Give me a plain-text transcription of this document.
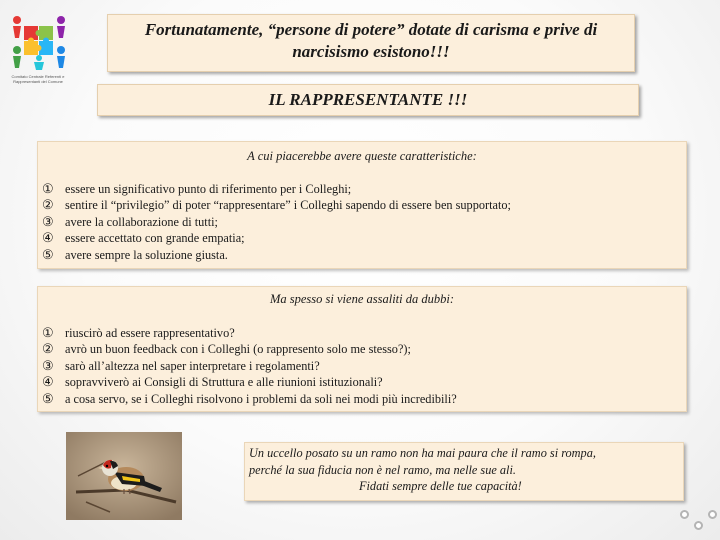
Comitato Centrale Referenti e Rappresentanti del Comune
Fortunatamente, “persone di potere” dotate di carisma e prive di
narcisismo esistono!!!
IL RAPPRESENTANTE !!!

A cui piacerebbe avere queste caratteristiche:

① essere un significativo punto di riferimento per i Colleghi;
② sentire il “privilegio” di poter “rappresentare” i Colleghi sapendo di essere ben supportato;
③ avere la collaborazione di tutti;
④ essere accettato con grande empatia;
⑤ avere sempre la soluzione giusta.

Ma spesso si viene assaliti da dubbi:

① riuscirò ad essere rappresentativo?
② avrò un buon feedback con i Colleghi (o rappresento solo me stesso?);
③ sarò all’altezza nel saper interpretare i regolamenti?
④ sopravviverò ai Consigli di Struttura e alle riunioni istituzionali?
⑤ a cosa servo, se i Colleghi risolvono i problemi da soli nei modi più incredibili?
Un uccello posato su un ramo non ha mai paura che il ramo si rompa,
perché la sua fiducia non è nel ramo, ma nelle sue ali.
Fidati sempre delle tue capacità!
